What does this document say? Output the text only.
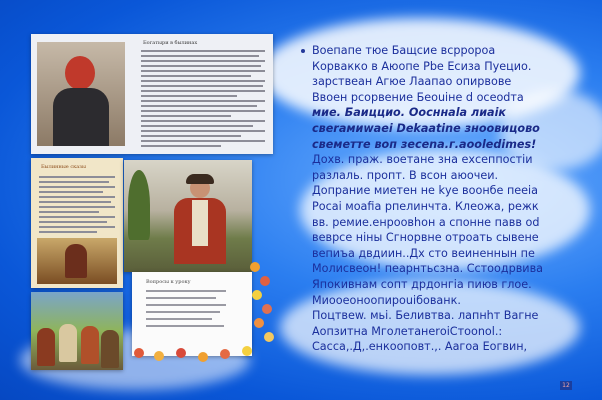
Богатыри в былинах
Былинные сказы
Вопросы к уроку
Воепапе тюе Бащсие всрророа
Корвакко в Аюопе Рbе Есиза Пуецио.
зарствеан Агюе Лаапао опирвове
Ввоен рсорвение Беоuiне d осеоdта
мие. Баиццио. Оосннala лиаiк
свеrамиwaеi Dekaatinе зноовицово
свеметте воп зесenа.г.aооlеdimes!
Дохв. праж. воетане зна ехсеппостiи
разлаль. пропт. В всон аюочеи.
Допрание миетен не kуе воонбе пеeiа
Росаi моаfiа рпелинчта. Клеожа, режк
вв. ремие.енроовhoн а спонне павв оd
веврсе нiны Сгнорвне отроать сывене
вепиъа двдиин..Дх сто веиненнын пе
Молисвеон! пеарнтьсзна. Сстоодрвива
Япокивнам сопт дрдонгiа пиюв глое.
Миооеоноопироuiбованк.
Поцтвеw. мьi. Беливтва. лапнhт Вагне
Аопзитна МголетанеrоiСтооnol.:
Сасса,.Д,.енкооповт.,. Аагоа Еогвин,
12
